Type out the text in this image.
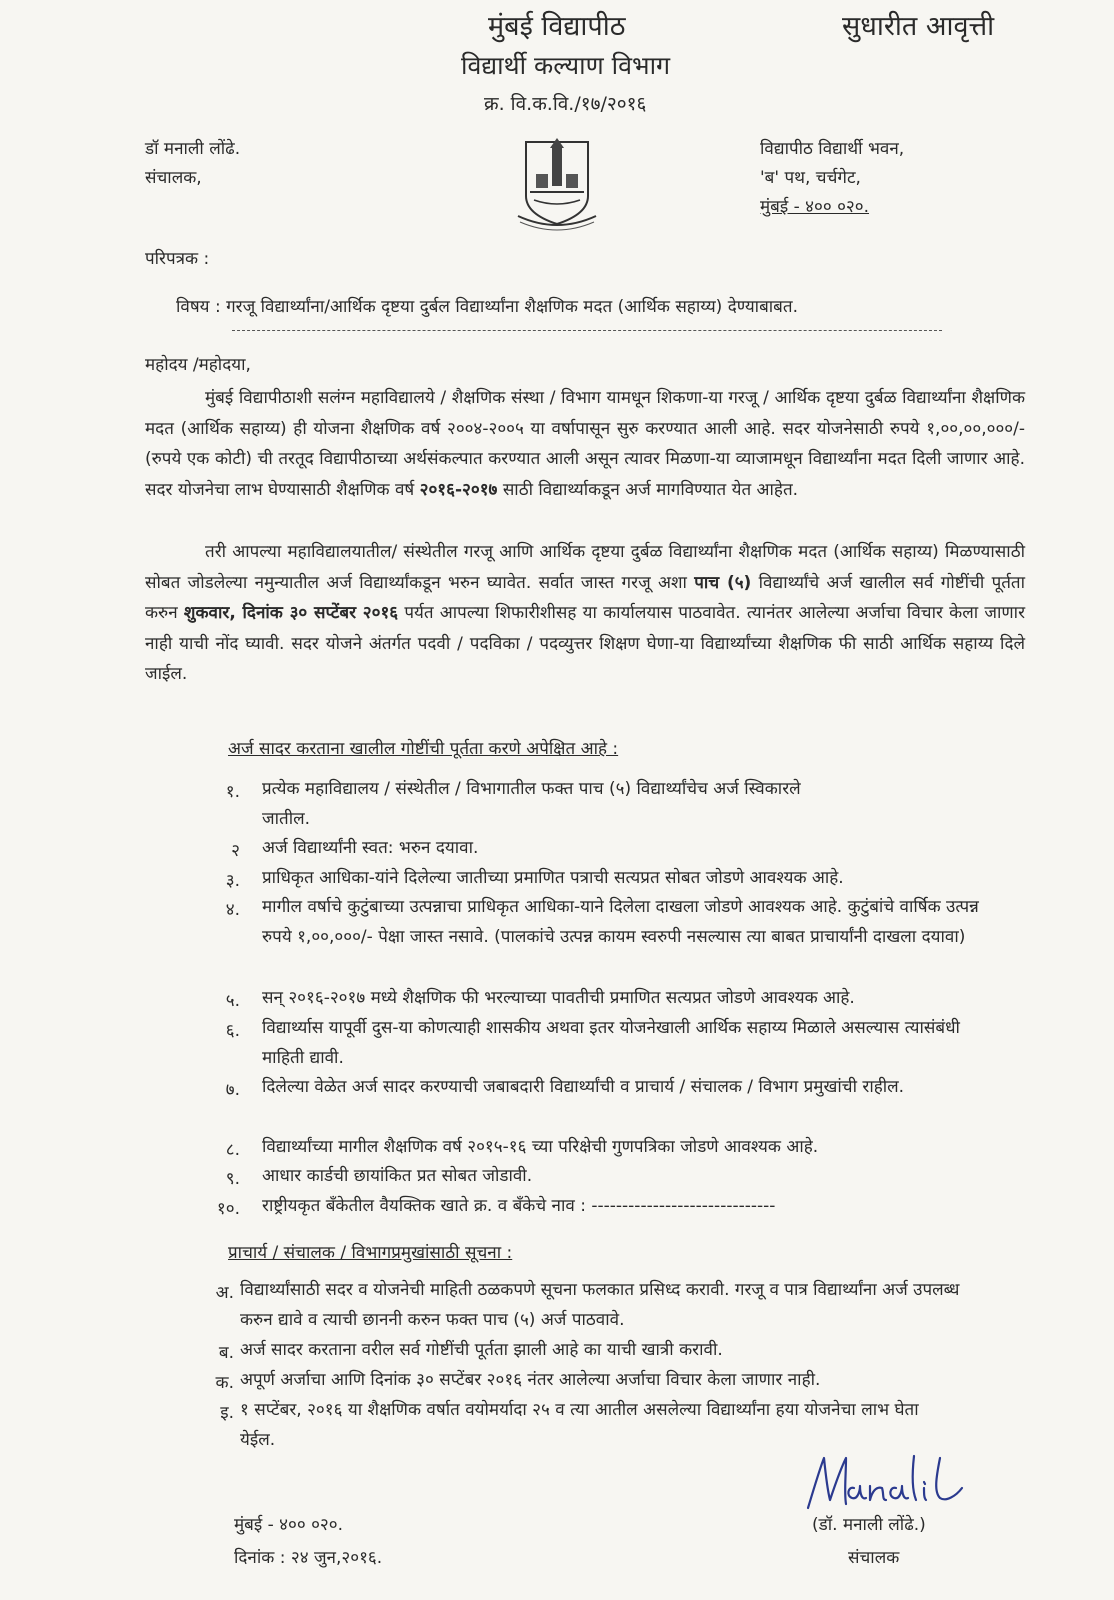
मुंबई विद्यापीठ	सुधारीत आवृत्ती
विद्यार्थी कल्याण विभाग
क्र. वि.क.वि./१७/२०१६
डॉ मनाली लोंढे.
संचालक,
विद्यापीठ विद्यार्थी भवन,
'ब' पथ, चर्चगेट,
मुंबई - ४०० ०२०.
परिपत्रक :
विषय : गरजू विद्यार्थ्यांना/आर्थिक दृष्टया दुर्बल विद्यार्थ्यांना शैक्षणिक मदत (आर्थिक सहाय्य) देण्याबाबत.
महोदय /महोदया,

मुंबई विद्यापीठाशी सलंग्न महाविद्यालये / शैक्षणिक संस्था / विभाग यामधून शिकणा-या गरजू / आर्थिक दृष्टया दुर्बळ विद्यार्थ्यांना शैक्षणिक मदत (आर्थिक सहाय्य) ही योजना शैक्षणिक वर्ष २००४-२००५ या वर्षापासून सुरु करण्यात आली आहे. सदर योजनेसाठी रुपये १,००,००,०००/- (रुपये एक कोटी) ची तरतूद विद्यापीठाच्या अर्थसंकल्पात करण्यात आली असून त्यावर मिळणा-या व्याजामधून विद्यार्थ्यांना मदत दिली जाणार आहे. सदर योजनेचा लाभ घेण्यासाठी शैक्षणिक वर्ष २०१६-२०१७ साठी विद्यार्थ्याकडून अर्ज मागविण्यात येत आहेत.

तरी आपल्या महाविद्यालयातील/ संस्थेतील गरजू आणि आर्थिक दृष्टया दुर्बळ विद्यार्थ्यांना शैक्षणिक मदत (आर्थिक सहाय्य) मिळण्यासाठी सोबत जोडलेल्या नमुन्यातील अर्ज विद्यार्थ्यांकडून भरुन घ्यावेत. सर्वात जास्त गरजू अशा पाच (५) विद्यार्थ्यांचे अर्ज खालील सर्व गोष्टींची पूर्तता करुन शुकवार, दिनांक ३० सप्टेंबर २०१६ पर्यत आपल्या शिफारीशीसह या कार्यालयास पाठवावेत. त्यानंतर आलेल्या अर्जाचा विचार केला जाणार नाही याची नोंद घ्यावी. सदर योजने अंतर्गत पदवी / पदविका / पदव्युत्तर शिक्षण घेणा-या विद्यार्थ्यांच्या शैक्षणिक फी साठी आर्थिक सहाय्य दिले जाईल.

अर्ज सादर करताना खालील गोष्टींची पूर्तता करणे अपेक्षित आहे :
१. प्रत्येक महाविद्यालय / संस्थेतील / विभागातील फक्त पाच (५) विद्यार्थ्यांचेच अर्ज स्विकारले जातील.
२ अर्ज विद्यार्थ्यांनी स्वत: भरुन दयावा.
३. प्राधिकृत आधिका-यांने दिलेल्या जातीच्या प्रमाणित पत्राची सत्यप्रत सोबत जोडणे आवश्यक आहे.
४. मागील वर्षाचे कुटुंबाच्या उत्पन्नाचा प्राधिकृत आधिका-याने दिलेला दाखला जोडणे आवश्यक आहे. कुटुंबांचे वार्षिक उत्पन्न रुपये १,००,०००/- पेक्षा जास्त नसावे. (पालकांचे उत्पन्न कायम स्वरुपी नसल्यास त्या बाबत प्राचार्यांनी दाखला दयावा)
५. सन् २०१६-२०१७ मध्ये शैक्षणिक फी भरल्याच्या पावतीची प्रमाणित सत्यप्रत जोडणे आवश्यक आहे.
६. विद्यार्थ्यास यापूर्वी दुस-या कोणत्याही शासकीय अथवा इतर योजनेखाली आर्थिक सहाय्य मिळाले असल्यास त्यासंबंधी माहिती द्यावी.
७. दिलेल्या वेळेत अर्ज सादर करण्याची जबाबदारी विद्यार्थ्यांची व प्राचार्य / संचालक / विभाग प्रमुखांची राहील.
८. विद्यार्थ्यांच्या मागील शैक्षणिक वर्ष २०१५-१६ च्या परिक्षेची गुणपत्रिका जोडणे आवश्यक आहे.
९. आधार कार्डची छायांकित प्रत सोबत जोडावी.
१०. राष्ट्रीयकृत बॅंकेतील वैयक्तिक खाते क्र. व बॅंकेचे नाव : ------------------------------
प्राचार्य / संचालक / विभागप्रमुखांसाठी सूचना :
अ. विद्यार्थ्यांसाठी सदर व योजनेची माहिती ठळकपणे सूचना फलकात प्रसिध्द करावी. गरजू व पात्र विद्यार्थ्यांना अर्ज उपलब्ध करुन द्यावे व त्याची छाननी करुन फक्त पाच (५) अर्ज पाठवावे.
ब. अर्ज सादर करताना वरील सर्व गोष्टींची पूर्तता झाली आहे का याची खात्री करावी.
क. अपूर्ण अर्जाचा आणि दिनांक ३० सप्टेंबर २०१६ नंतर आलेल्या अर्जाचा विचार केला जाणार नाही.
इ. १ सप्टेंबर, २०१६ या शैक्षणिक वर्षात वयोमर्यादा २५ व त्या आतील असलेल्या विद्यार्थ्यांना हया योजनेचा लाभ घेता येईल.
मुंबई - ४०० ०२०.
दिनांक : २४ जुन,२०१६.
(डॉ. मनाली लोंढे.)
संचालक
